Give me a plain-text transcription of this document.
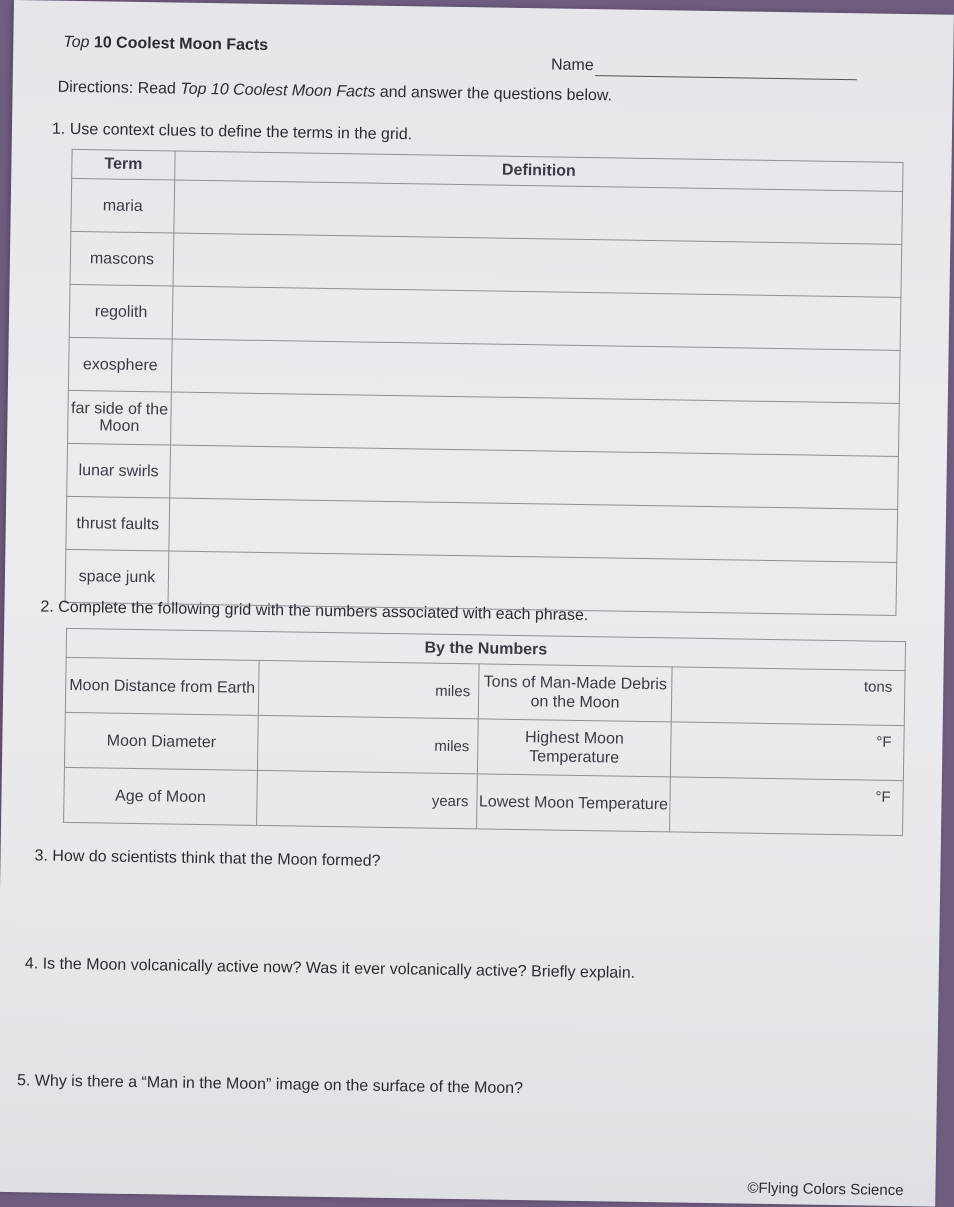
Top 10 Coolest Moon Facts
Name
Directions: Read Top 10 Coolest Moon Facts and answer the questions below.
1. Use context clues to define the terms in the grid.
Term	Definition
maria	
mascons	
regolith	
exosphere	
far side of the Moon	
lunar swirls	
thrust faults	
space junk	
2. Complete the following grid with the numbers associated with each phrase.
By the Numbers			
Moon Distance from Earth	miles	Tons of Man-Made Debris on the Moon	tons
Moon Diameter	miles	Highest Moon Temperature	°F
Age of Moon	years	Lowest Moon Temperature	°F
3. How do scientists think that the Moon formed?
4. Is the Moon volcanically active now? Was it ever volcanically active? Briefly explain.
5. Why is there a “Man in the Moon” image on the surface of the Moon?
©Flying Colors Science
